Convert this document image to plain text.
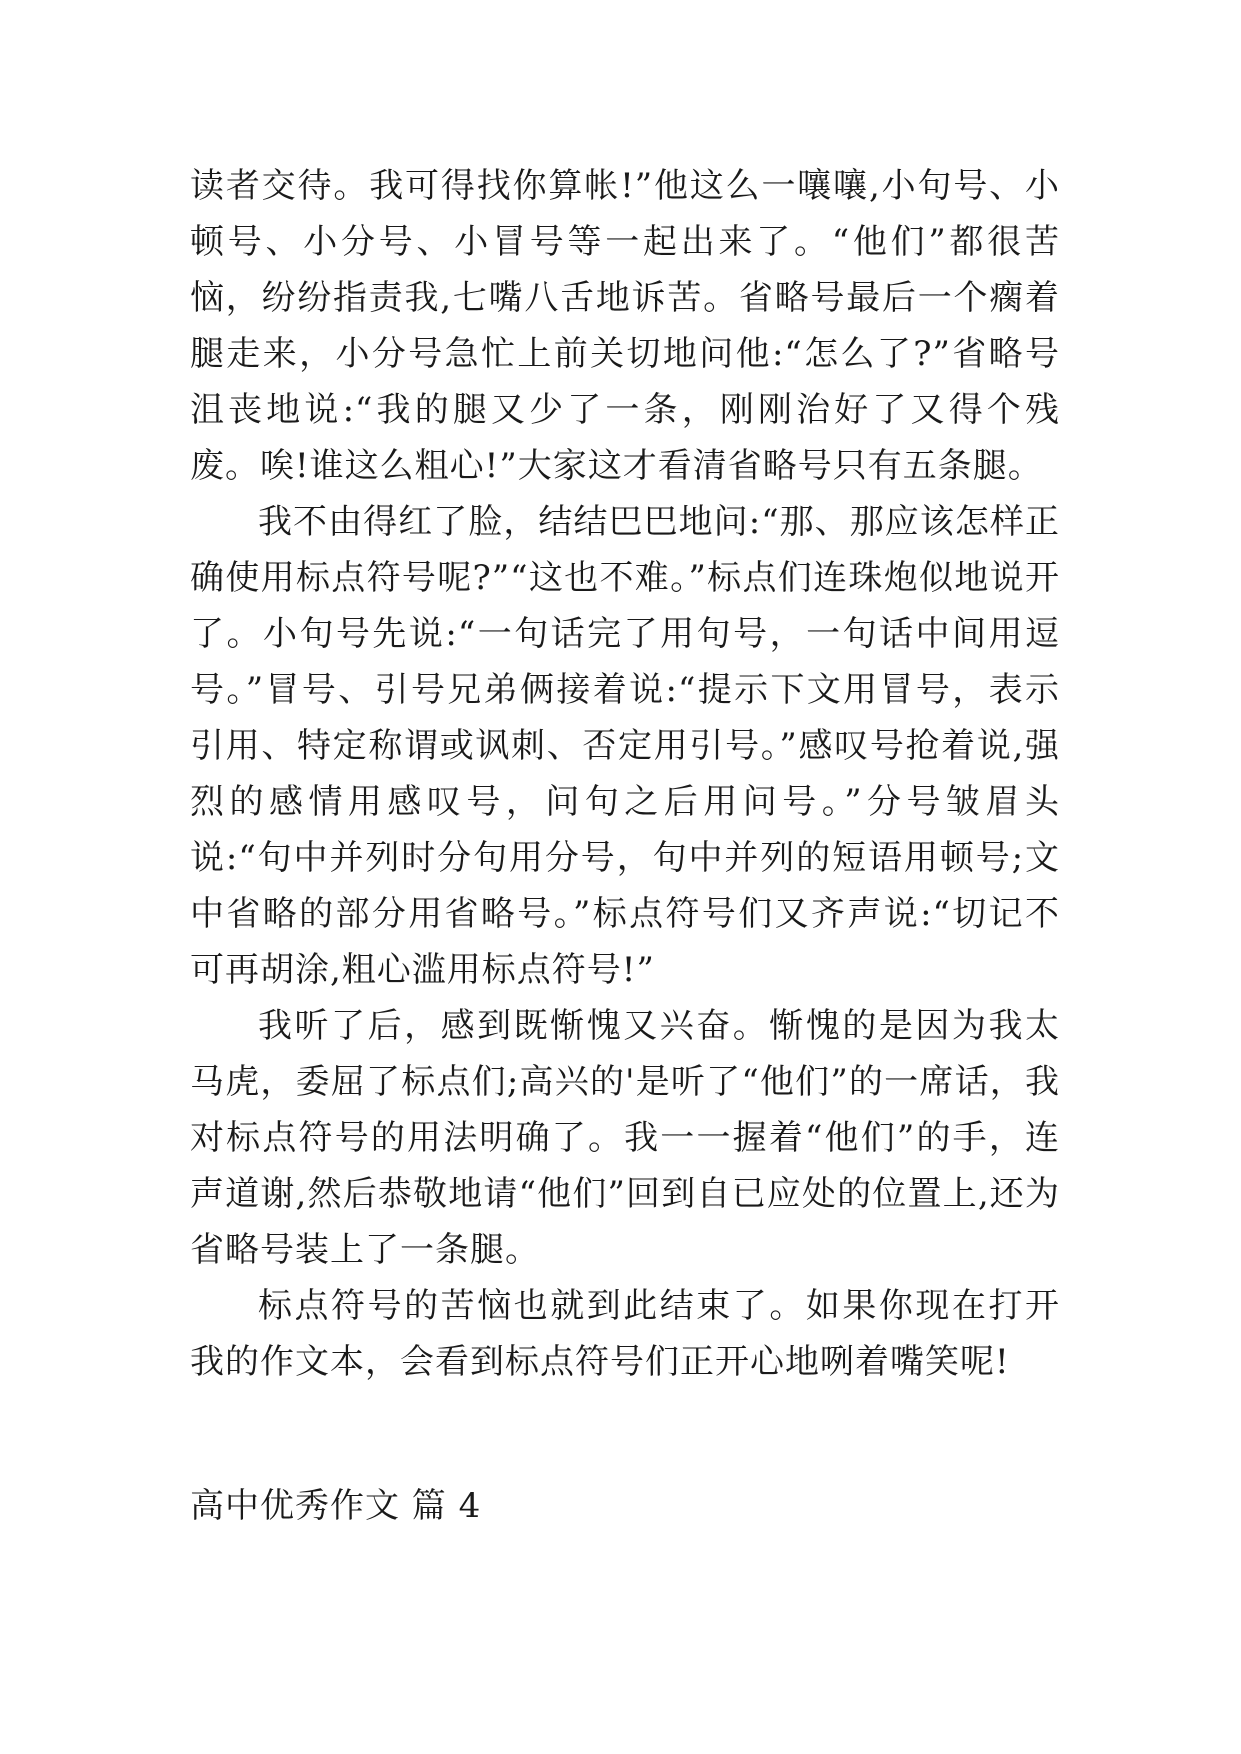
读者交待。我可得找你算帐!”他这么一嚷嚷,小句号、小顿号、小分号、小冒号等一起出来了。“他们”都很苦恼，纷纷指责我,七嘴八舌地诉苦。省略号最后一个瘸着腿走来，小分号急忙上前关切地问他:“怎么了?”省略号沮丧地说:“我的腿又少了一条，刚刚治好了又得个残废。唉!谁这么粗心!”大家这才看清省略号只有五条腿。

我不由得红了脸，结结巴巴地问:“那、那应该怎样正确使用标点符号呢?”“这也不难。”标点们连珠炮似地说开了。小句号先说:“一句话完了用句号，一句话中间用逗号。”冒号、引号兄弟俩接着说:“提示下文用冒号，表示引用、特定称谓或讽刺、否定用引号。”感叹号抢着说,强烈的感情用感叹号，问句之后用问号。”分号皱眉头说:“句中并列时分句用分号，句中并列的短语用顿号;文中省略的部分用省略号。”标点符号们又齐声说:“切记不可再胡涂,粗心滥用标点符号!”

我听了后，感到既惭愧又兴奋。惭愧的是因为我太马虎，委屈了标点们;高兴的'是听了“他们”的一席话，我对标点符号的用法明确了。我一一握着“他们”的手，连声道谢,然后恭敬地请“他们”回到自已应处的位置上,还为省略号装上了一条腿。

标点符号的苦恼也就到此结束了。如果你现在打开我的作文本，会看到标点符号们正开心地咧着嘴笑呢!

高中优秀作文 篇 4
